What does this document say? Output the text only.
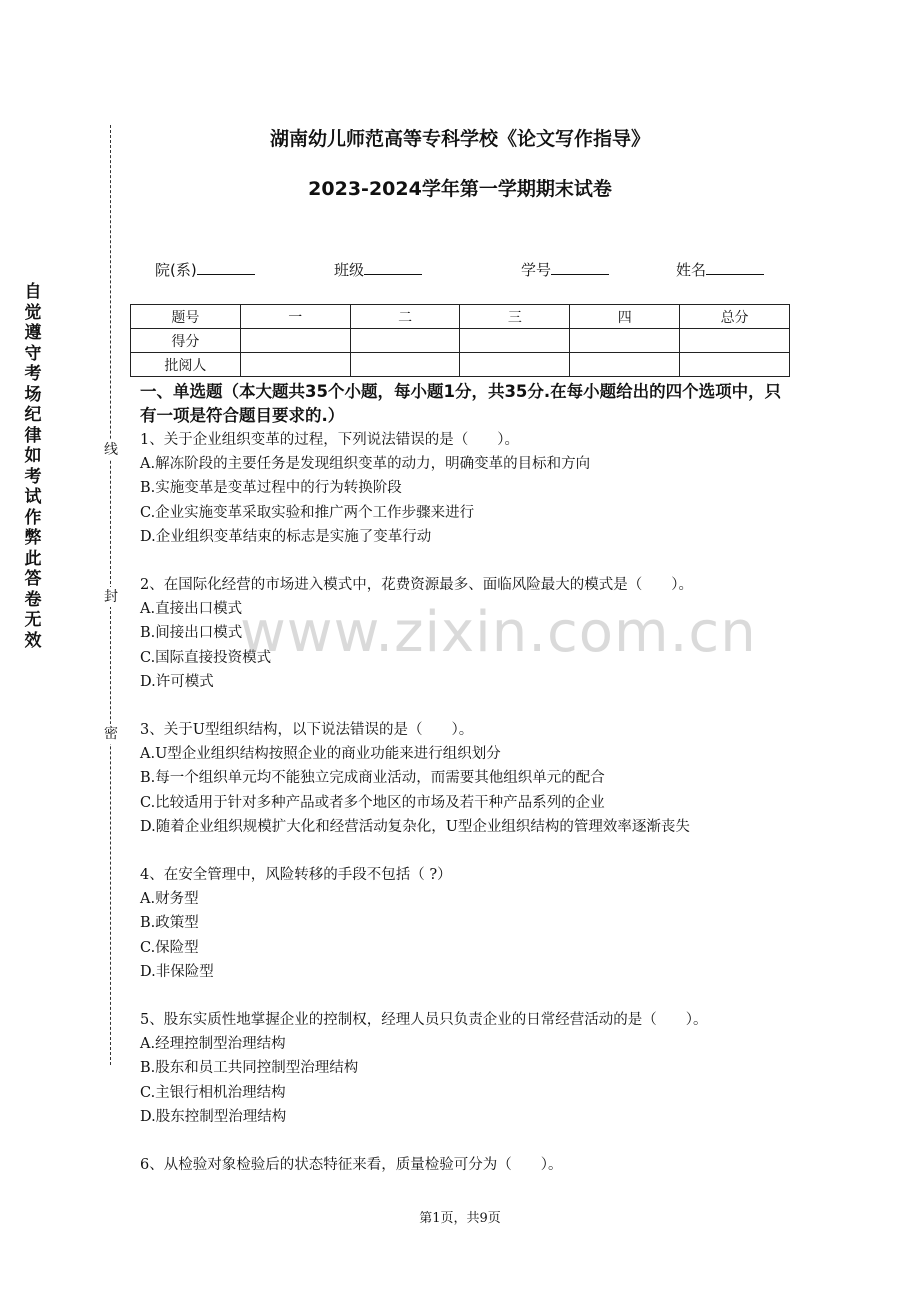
自觉遵守考场纪律如考试作弊此答卷无效
线
封
密
湖南幼儿师范高等专科学校《论文写作指导》
2023-2024学年第一学期期末试卷
院(系)	班级	学号	姓名
题号	一	二	三	四	总分
得分					
批阅人					
一、单选题（本大题共35个小题，每小题1分，共35分.在每小题给出的四个选项中，只有一项是符合题目要求的.）
1、关于企业组织变革的过程，下列说法错误的是（　　）。
A.解冻阶段的主要任务是发现组织变革的动力，明确变革的目标和方向
B.实施变革是变革过程中的行为转换阶段
C.企业实施变革采取实验和推广两个工作步骤来进行
D.企业组织变革结束的标志是实施了变革行动
2、在国际化经营的市场进入模式中，花费资源最多、面临风险最大的模式是（　　）。
A.直接出口模式
B.间接出口模式
C.国际直接投资模式
D.许可模式
3、关于U型组织结构，以下说法错误的是（　　）。
A.U型企业组织结构按照企业的商业功能来进行组织划分
B.每一个组织单元均不能独立完成商业活动，而需要其他组织单元的配合
C.比较适用于针对多种产品或者多个地区的市场及若干种产品系列的企业
D.随着企业组织规模扩大化和经营活动复杂化，U型企业组织结构的管理效率逐渐丧失
4、在安全管理中，风险转移的手段不包括（ ?）
A.财务型
B.政策型
C.保险型
D.非保险型
5、股东实质性地掌握企业的控制权，经理人员只负责企业的日常经营活动的是（　　）。
A.经理控制型治理结构
B.股东和员工共同控制型治理结构
C.主银行相机治理结构
D.股东控制型治理结构
6、从检验对象检验后的状态特征来看，质量检验可分为（　　）。
www.zixin.com.cn
第1页，共9页
